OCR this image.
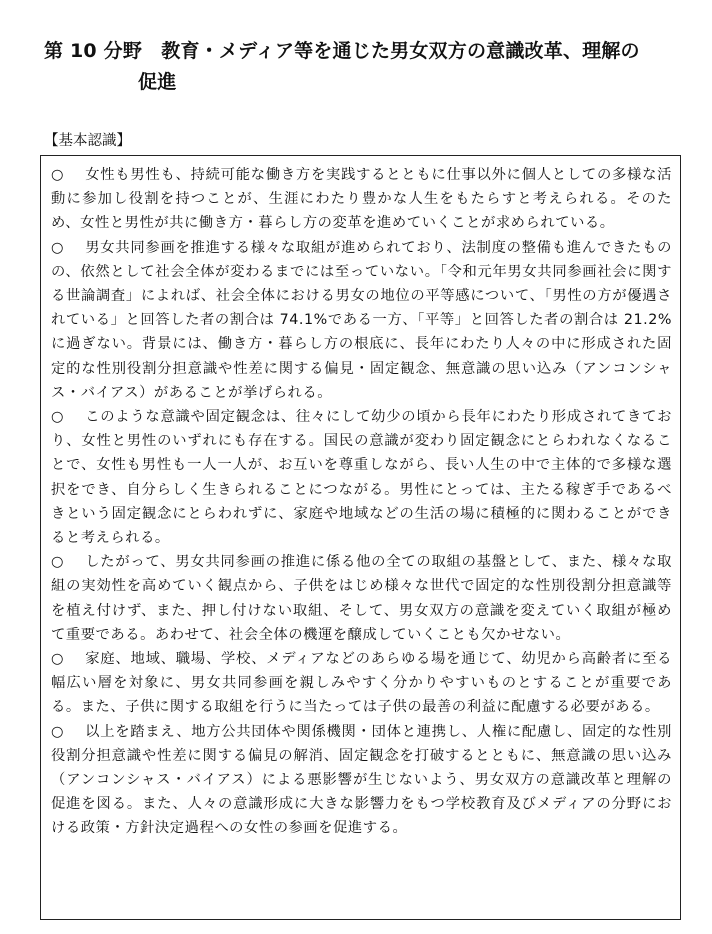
第 10 分野　教育・メディア等を通じた男女双方の意識改革、理解の
促進
【基本認識】

○ 女性も男性も、持続可能な働き方を実践するとともに仕事以外に個人としての多様な活動に参加し役割を持つことが、生涯にわたり豊かな人生をもたらすと考えられる。そのため、女性と男性が共に働き方・暮らし方の変革を進めていくことが求められている。

○ 男女共同参画を推進する様々な取組が進められており、法制度の整備も進んできたものの、依然として社会全体が変わるまでには至っていない。「令和元年男女共同参画社会に関する世論調査」によれば、社会全体における男女の地位の平等感について、「男性の方が優遇されている」と回答した者の割合は 74.1%である一方、「平等」と回答した者の割合は 21.2%に過ぎない。背景には、働き方・暮らし方の根底に、長年にわたり人々の中に形成された固定的な性別役割分担意識や性差に関する偏見・固定観念、無意識の思い込み（アンコンシャス・バイアス）があることが挙げられる。

○ このような意識や固定観念は、往々にして幼少の頃から長年にわたり形成されてきており、女性と男性のいずれにも存在する。国民の意識が変わり固定観念にとらわれなくなることで、女性も男性も一人一人が、お互いを尊重しながら、長い人生の中で主体的で多様な選択をでき、自分らしく生きられることにつながる。男性にとっては、主たる稼ぎ手であるべきという固定観念にとらわれずに、家庭や地域などの生活の場に積極的に関わることができると考えられる。

○ したがって、男女共同参画の推進に係る他の全ての取組の基盤として、また、様々な取組の実効性を高めていく観点から、子供をはじめ様々な世代で固定的な性別役割分担意識等を植え付けず、また、押し付けない取組、そして、男女双方の意識を変えていく取組が極めて重要である。あわせて、社会全体の機運を醸成していくことも欠かせない。

○ 家庭、地域、職場、学校、メディアなどのあらゆる場を通じて、幼児から高齢者に至る幅広い層を対象に、男女共同参画を親しみやすく分かりやすいものとすることが重要である。また、子供に関する取組を行うに当たっては子供の最善の利益に配慮する必要がある。

○ 以上を踏まえ、地方公共団体や関係機関・団体と連携し、人権に配慮し、固定的な性別役割分担意識や性差に関する偏見の解消、固定観念を打破するとともに、無意識の思い込み（アンコンシャス・バイアス）による悪影響が生じないよう、男女双方の意識改革と理解の促進を図る。また、人々の意識形成に大きな影響力をもつ学校教育及びメディアの分野における政策・方針決定過程への女性の参画を促進する。
